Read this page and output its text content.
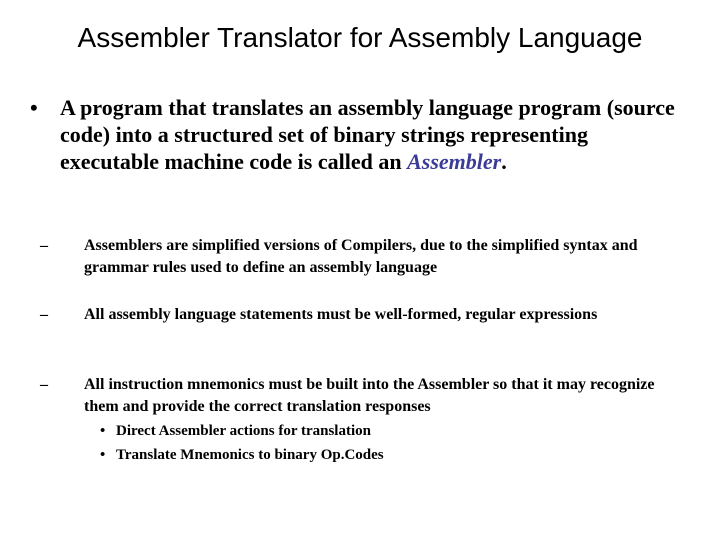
Assembler Translator for Assembly Language
•	A program that translates an assembly language program (source code) into a structured set of binary strings representing executable machine code is called an Assembler.
–	Assemblers are simplified versions of Compilers, due to the simplified syntax and grammar rules used to define an assembly language
–	All assembly language statements must be well-formed, regular expressions
–	All instruction mnemonics must be built into the Assembler so that it may recognize them and provide the correct translation responses
• Direct Assembler actions for translation
• Translate Mnemonics to binary Op.Codes
